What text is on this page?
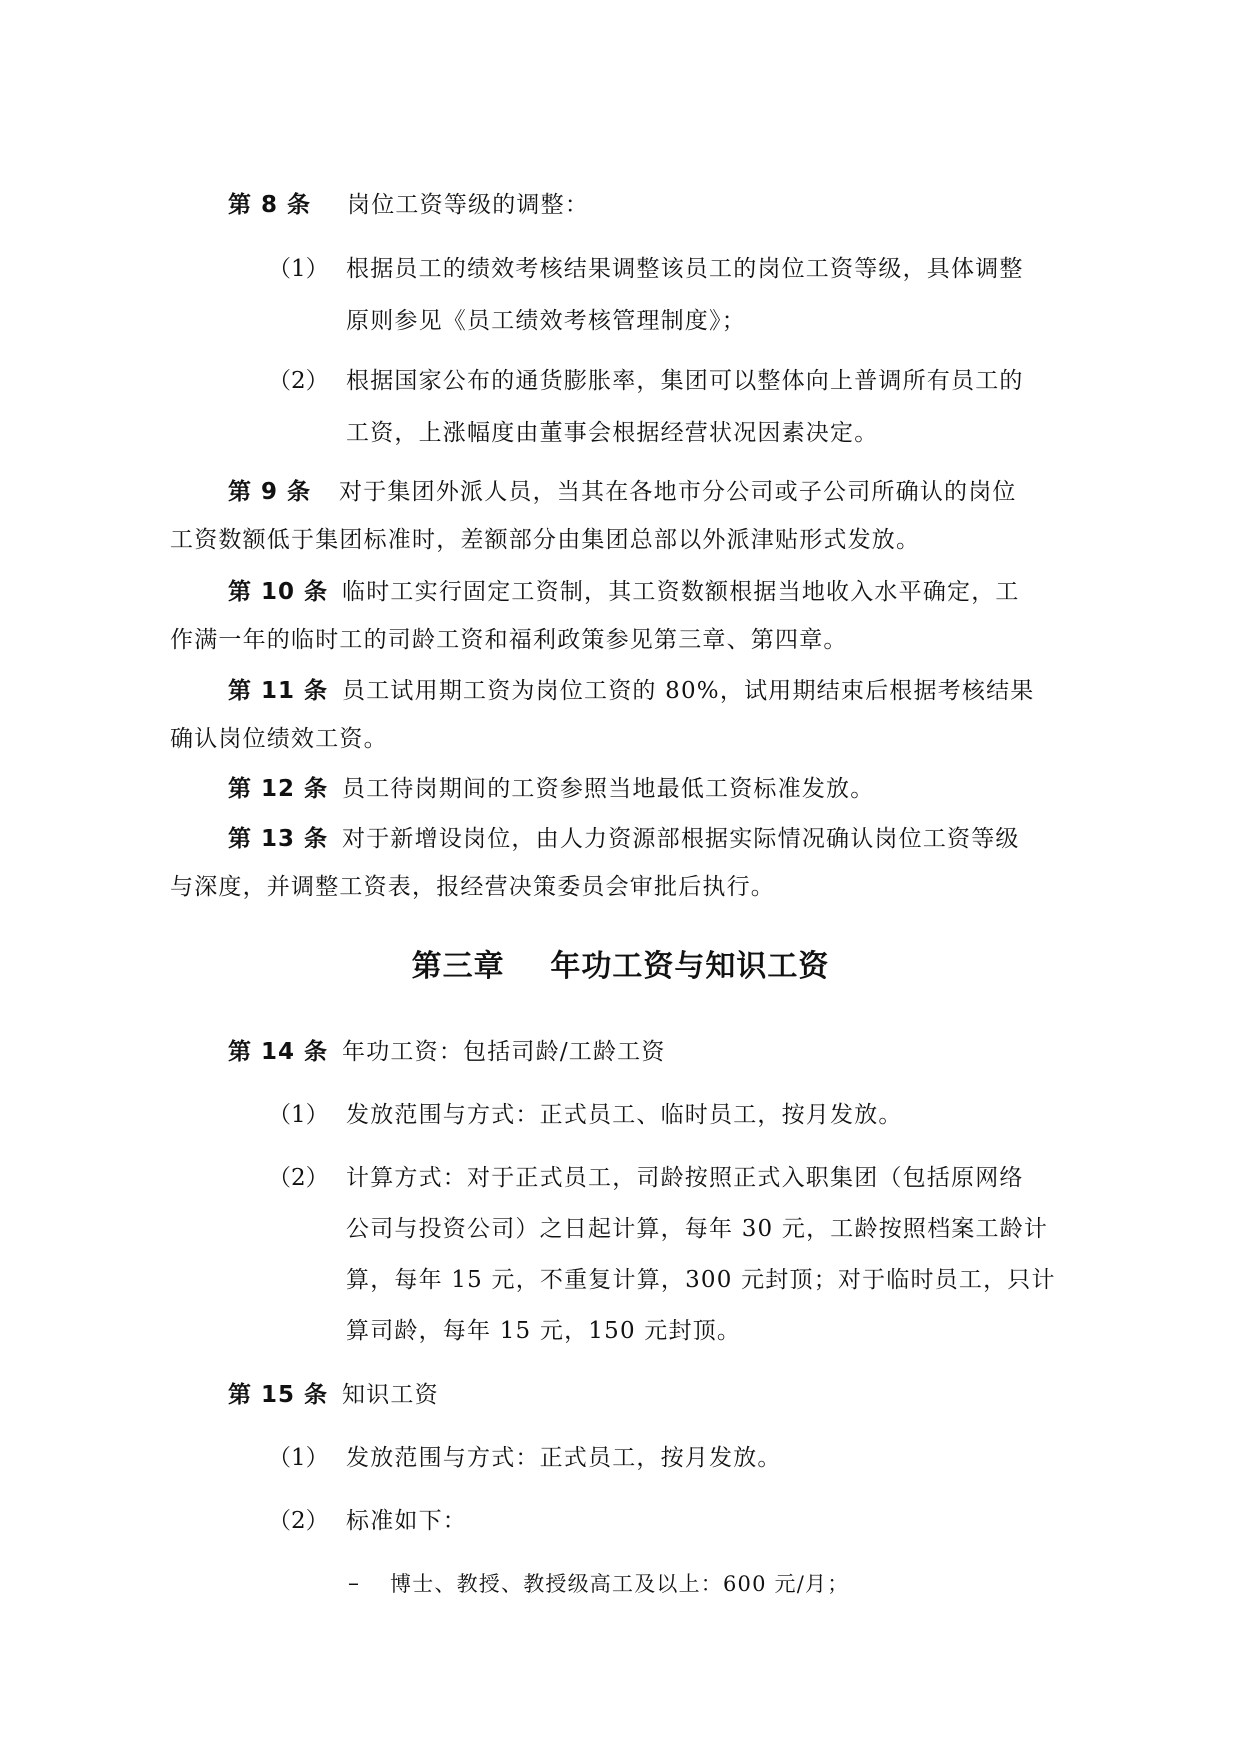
第 8 条 岗位工资等级的调整：
（1） 根据员工的绩效考核结果调整该员工的岗位工资等级，具体调整
原则参见《员工绩效考核管理制度》；
（2） 根据国家公布的通货膨胀率，集团可以整体向上普调所有员工的
工资，上涨幅度由董事会根据经营状况因素决定。
第 9 条 对于集团外派人员，当其在各地市分公司或子公司所确认的岗位
工资数额低于集团标准时，差额部分由集团总部以外派津贴形式发放。
第 10 条 临时工实行固定工资制，其工资数额根据当地收入水平确定，工
作满一年的临时工的司龄工资和福利政策参见第三章、第四章。
第 11 条 员工试用期工资为岗位工资的 80%，试用期结束后根据考核结果
确认岗位绩效工资。
第 12 条 员工待岗期间的工资参照当地最低工资标准发放。
第 13 条 对于新增设岗位，由人力资源部根据实际情况确认岗位工资等级
与深度，并调整工资表，报经营决策委员会审批后执行。
第三章    年功工资与知识工资
第 14 条 年功工资：包括司龄/工龄工资
（1） 发放范围与方式：正式员工、临时员工，按月发放。
（2） 计算方式：对于正式员工，司龄按照正式入职集团（包括原网络
公司与投资公司）之日起计算，每年 30 元，工龄按照档案工龄计
算，每年 15 元，不重复计算，300 元封顶；对于临时员工，只计
算司龄，每年 15 元，150 元封顶。
第 15 条 知识工资
（1） 发放范围与方式：正式员工，按月发放。
（2） 标准如下：
– 博士、教授、教授级高工及以上：600 元/月；
